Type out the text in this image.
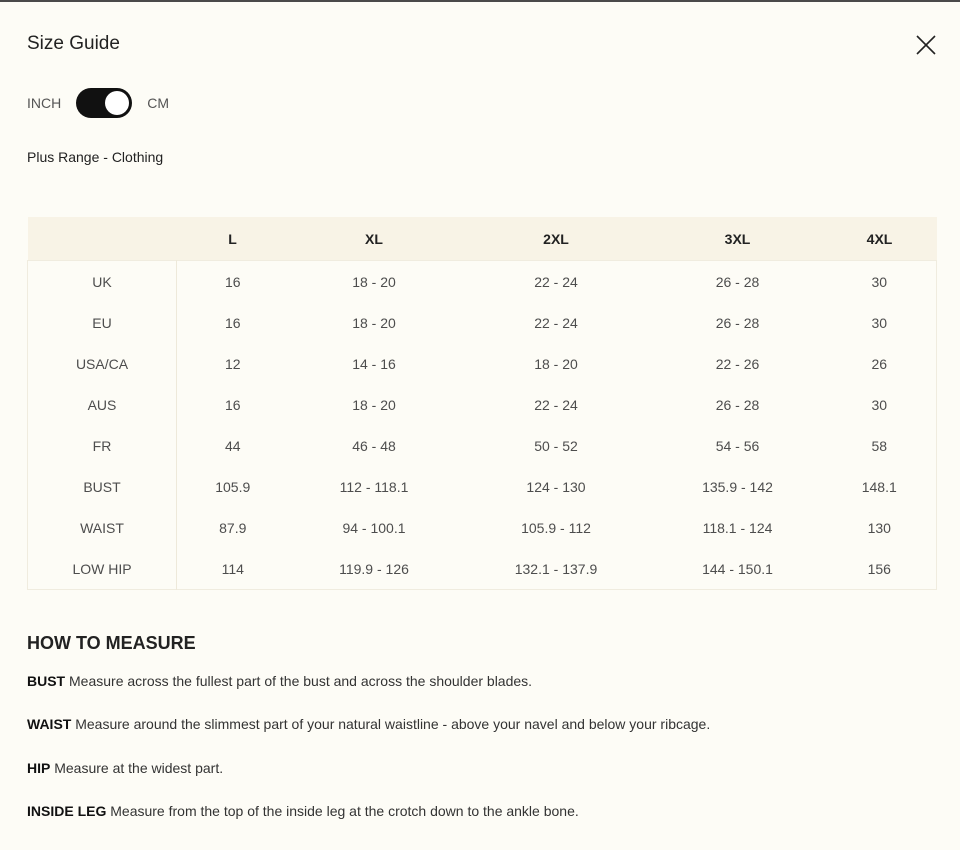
Size Guide
INCH	CM
Plus Range - Clothing
	L	XL	2XL	3XL	4XL
UK	16	18 - 20	22 - 24	26 - 28	30
EU	16	18 - 20	22 - 24	26 - 28	30
USA/CA	12	14 - 16	18 - 20	22 - 26	26
AUS	16	18 - 20	22 - 24	26 - 28	30
FR	44	46 - 48	50 - 52	54 - 56	58
BUST	105.9	112 - 118.1	124 - 130	135.9 - 142	148.1
WAIST	87.9	94 - 100.1	105.9 - 112	118.1 - 124	130
LOW HIP	114	119.9 - 126	132.1 - 137.9	144 - 150.1	156
HOW TO MEASURE
BUST Measure across the fullest part of the bust and across the shoulder blades.
WAIST Measure around the slimmest part of your natural waistline - above your navel and below your ribcage.
HIP Measure at the widest part.
INSIDE LEG Measure from the top of the inside leg at the crotch down to the ankle bone.
